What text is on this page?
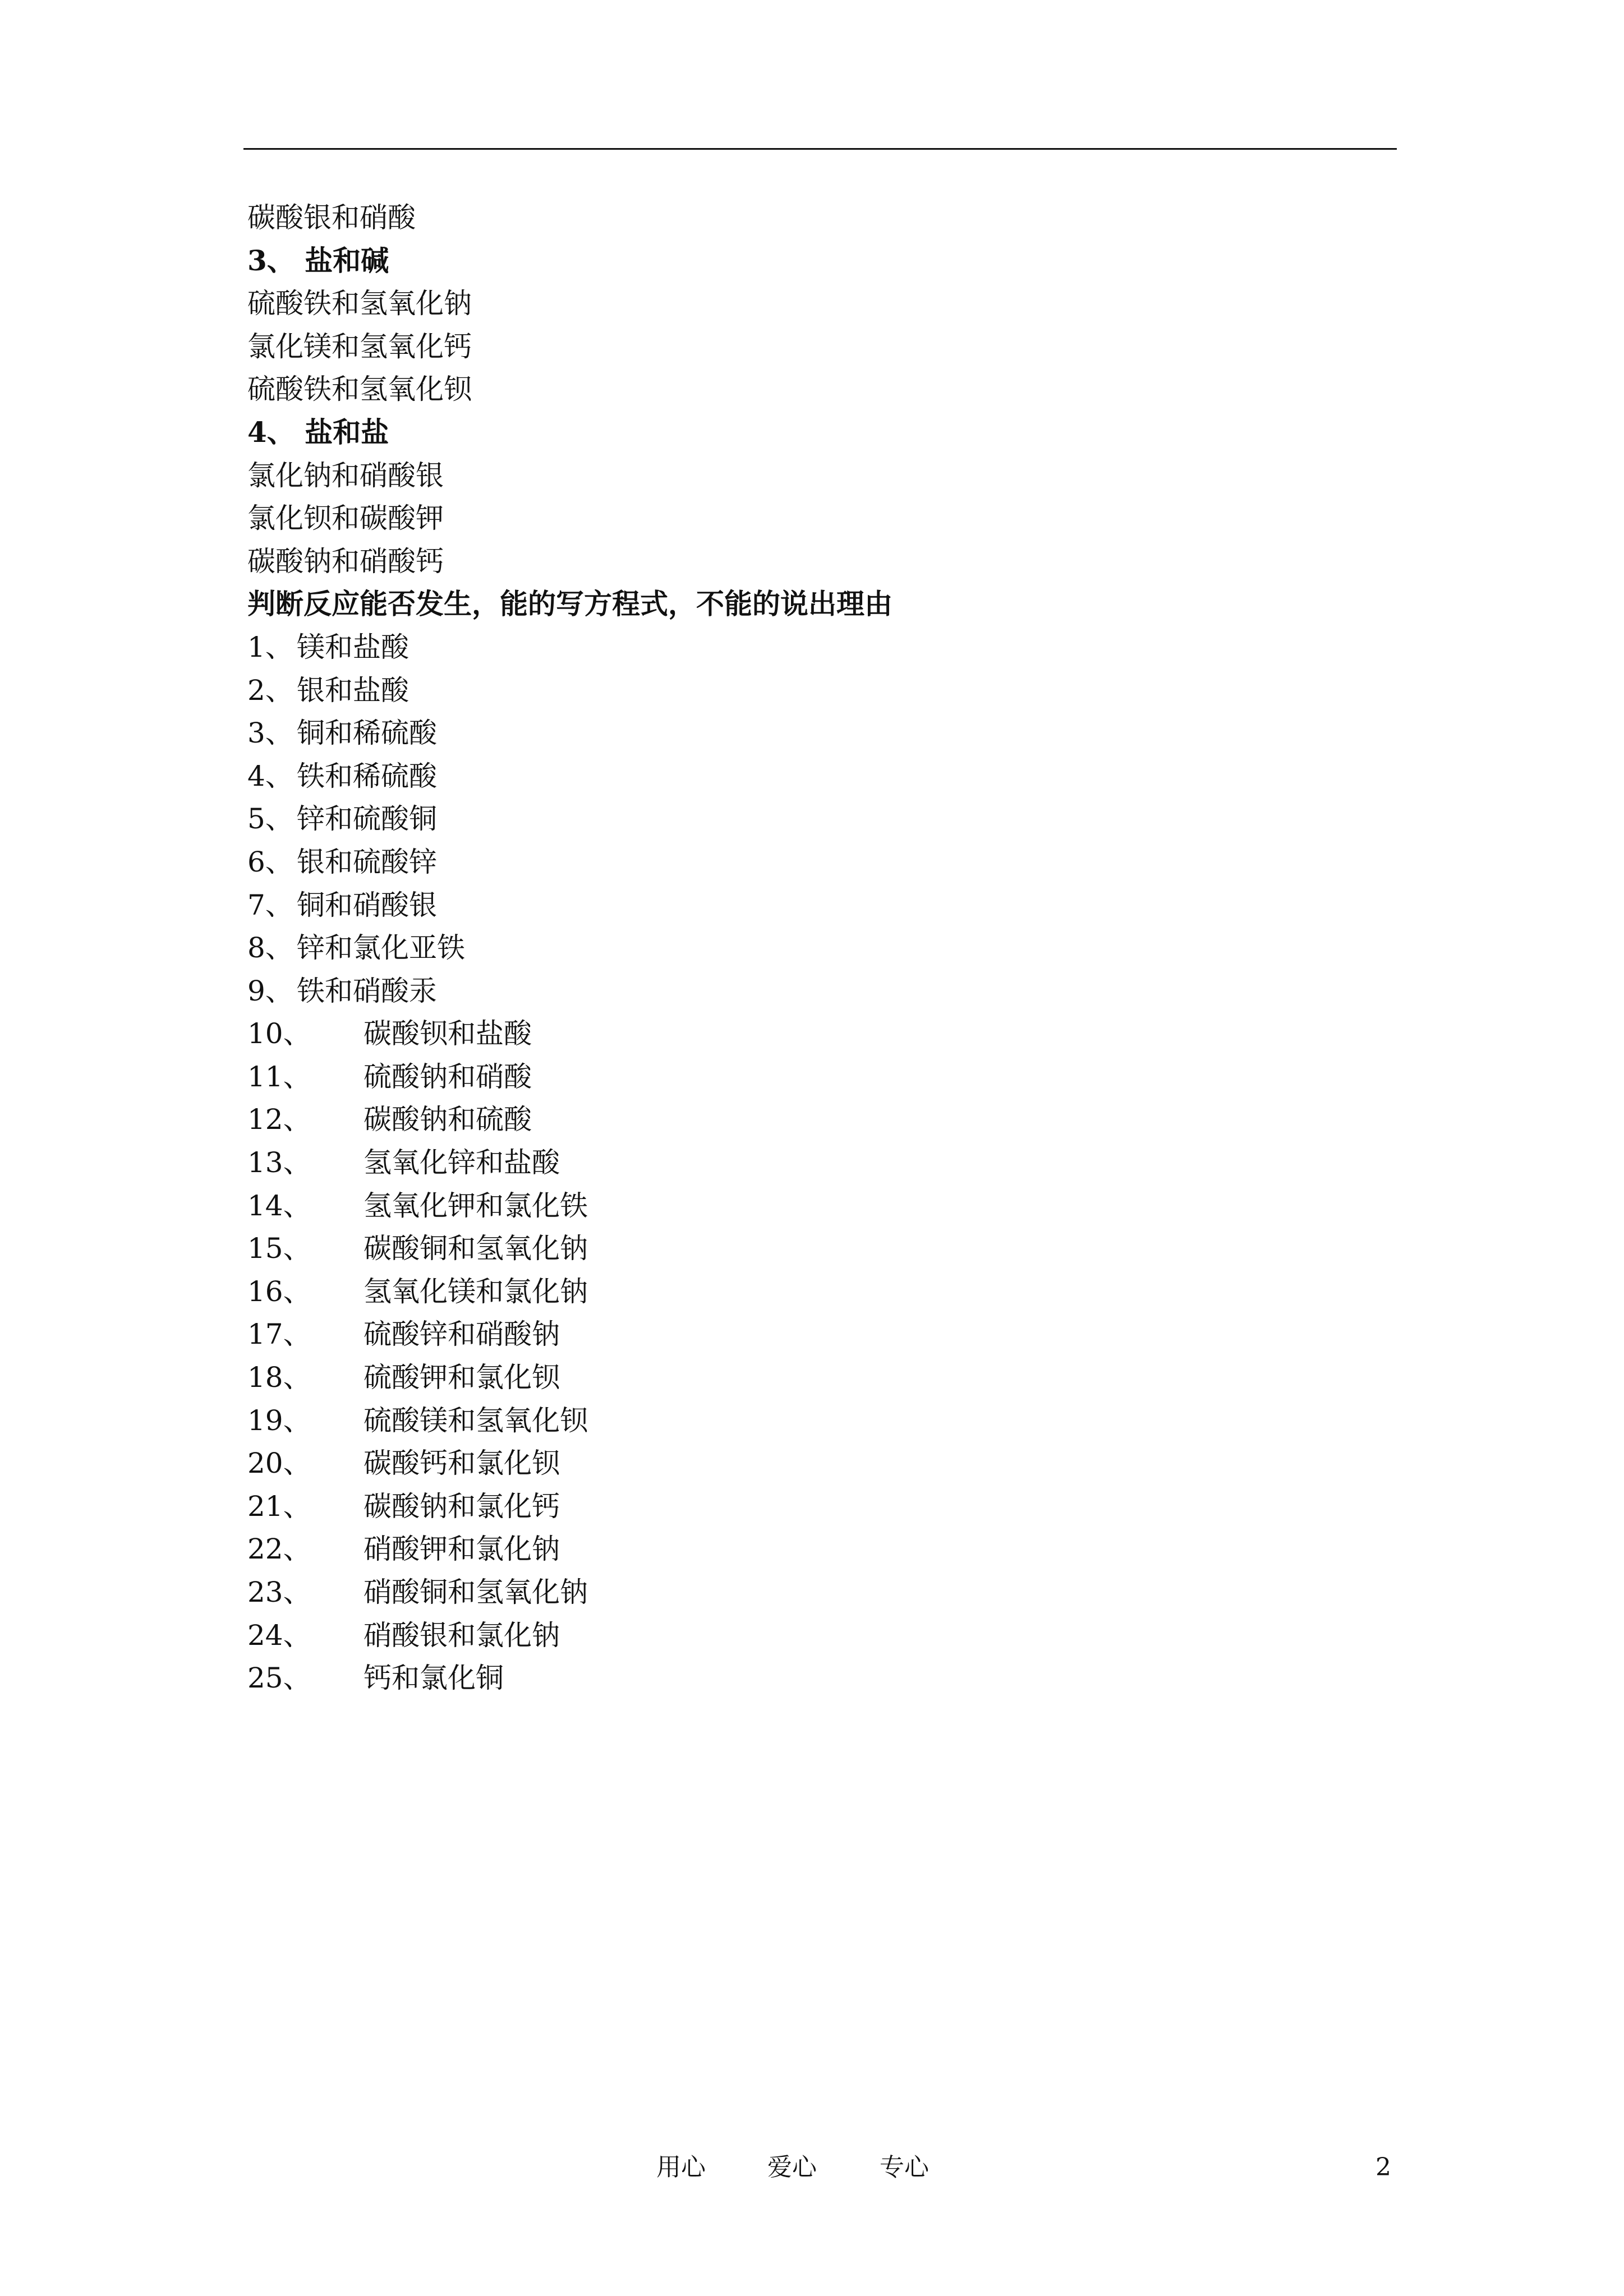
碳酸银和硝酸
3、 盐和碱
硫酸铁和氢氧化钠
氯化镁和氢氧化钙
硫酸铁和氢氧化钡
4、 盐和盐
氯化钠和硝酸银
氯化钡和碳酸钾
碳酸钠和硝酸钙
判断反应能否发生，能的写方程式，不能的说出理由
1、 镁和盐酸
2、 银和盐酸
3、 铜和稀硫酸
4、 铁和稀硫酸
5、 锌和硫酸铜
6、 银和硫酸锌
7、 铜和硝酸银
8、 锌和氯化亚铁
9、 铁和硝酸汞
10、 碳酸钡和盐酸
11、 硫酸钠和硝酸
12、 碳酸钠和硫酸
13、 氢氧化锌和盐酸
14、 氢氧化钾和氯化铁
15、 碳酸铜和氢氧化钠
16、 氢氧化镁和氯化钠
17、 硫酸锌和硝酸钠
18、 硫酸钾和氯化钡
19、 硫酸镁和氢氧化钡
20、 碳酸钙和氯化钡
21、 碳酸钠和氯化钙
22、 硝酸钾和氯化钠
23、 硝酸铜和氢氧化钠
24、 硝酸银和氯化钠
25、 钙和氯化铜
用心	爱心	专心	2
